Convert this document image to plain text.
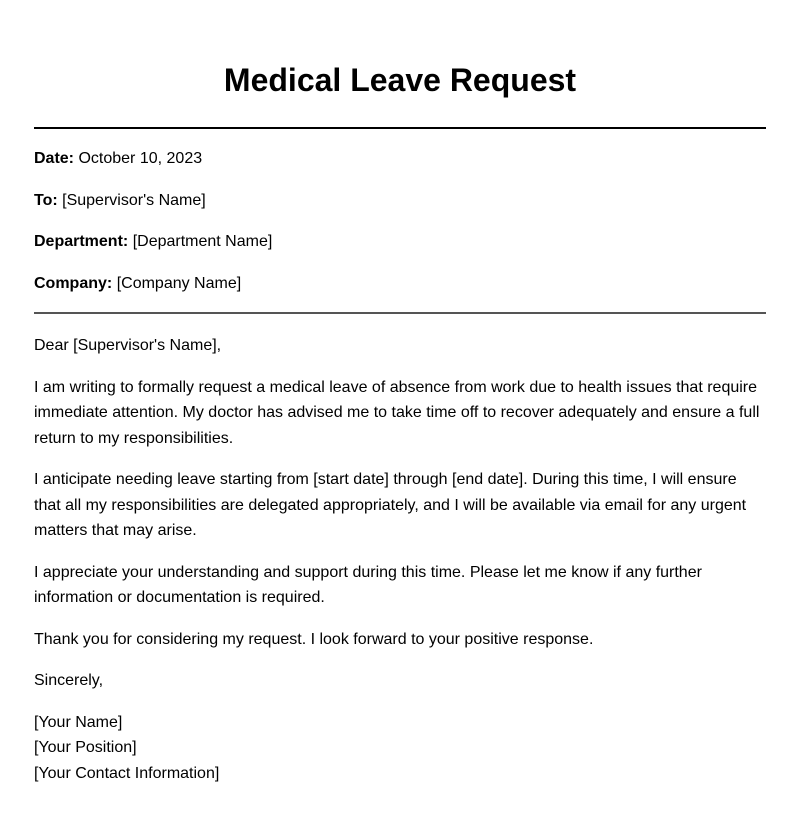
Medical Leave Request

Date: October 10, 2023

To: [Supervisor's Name]

Department: [Department Name]

Company: [Company Name]

Dear [Supervisor's Name],

I am writing to formally request a medical leave of absence from work due to health issues that require immediate attention. My doctor has advised me to take time off to recover adequately and ensure a full return to my responsibilities.

I anticipate needing leave starting from [start date] through [end date]. During this time, I will ensure that all my responsibilities are delegated appropriately, and I will be available via email for any urgent matters that may arise.

I appreciate your understanding and support during this time. Please let me know if any further information or documentation is required.

Thank you for considering my request. I look forward to your positive response.

Sincerely,

[Your Name]

[Your Position]

[Your Contact Information]
